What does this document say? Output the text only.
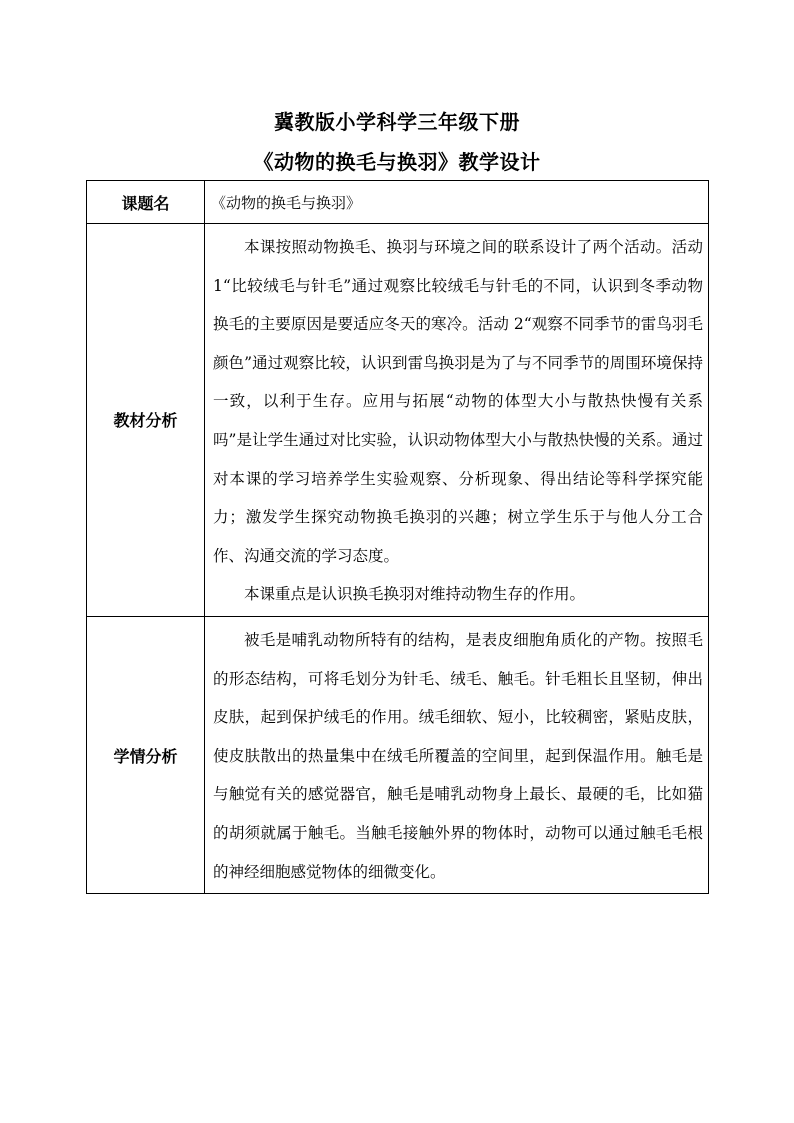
冀教版小学科学三年级下册
《动物的换毛与换羽》教学设计
课题名	《动物的换毛与换羽》
教材分析	本课按照动物换毛、换羽与环境之间的联系设计了两个活动。活动 1“比较绒毛与针毛”通过观察比较绒毛与针毛的不同，认识到冬季动物换毛的主要原因是要适应冬天的寒冷。活动 2“观察不同季节的雷鸟羽毛颜色”通过观察比较，认识到雷鸟换羽是为了与不同季节的周围环境保持一致，以利于生存。应用与拓展“动物的体型大小与散热快慢有关系吗”是让学生通过对比实验，认识动物体型大小与散热快慢的关系。通过对本课的学习培养学生实验观察、分析现象、得出结论等科学探究能力；激发学生探究动物换毛换羽的兴趣；树立学生乐于与他人分工合作、沟通交流的学习态度。

本课重点是认识换毛换羽对维持动物生存的作用。

学情分析	被毛是哺乳动物所特有的结构，是表皮细胞角质化的产物。按照毛的形态结构，可将毛划分为针毛、绒毛、触毛。针毛粗长且坚韧，伸出皮肤，起到保护绒毛的作用。绒毛细软、短小，比较稠密，紧贴皮肤，使皮肤散出的热量集中在绒毛所覆盖的空间里，起到保温作用。触毛是与触觉有关的感觉器官，触毛是哺乳动物身上最长、最硬的毛，比如猫的胡须就属于触毛。当触毛接触外界的物体时，动物可以通过触毛毛根的神经细胞感觉物体的细微变化。
